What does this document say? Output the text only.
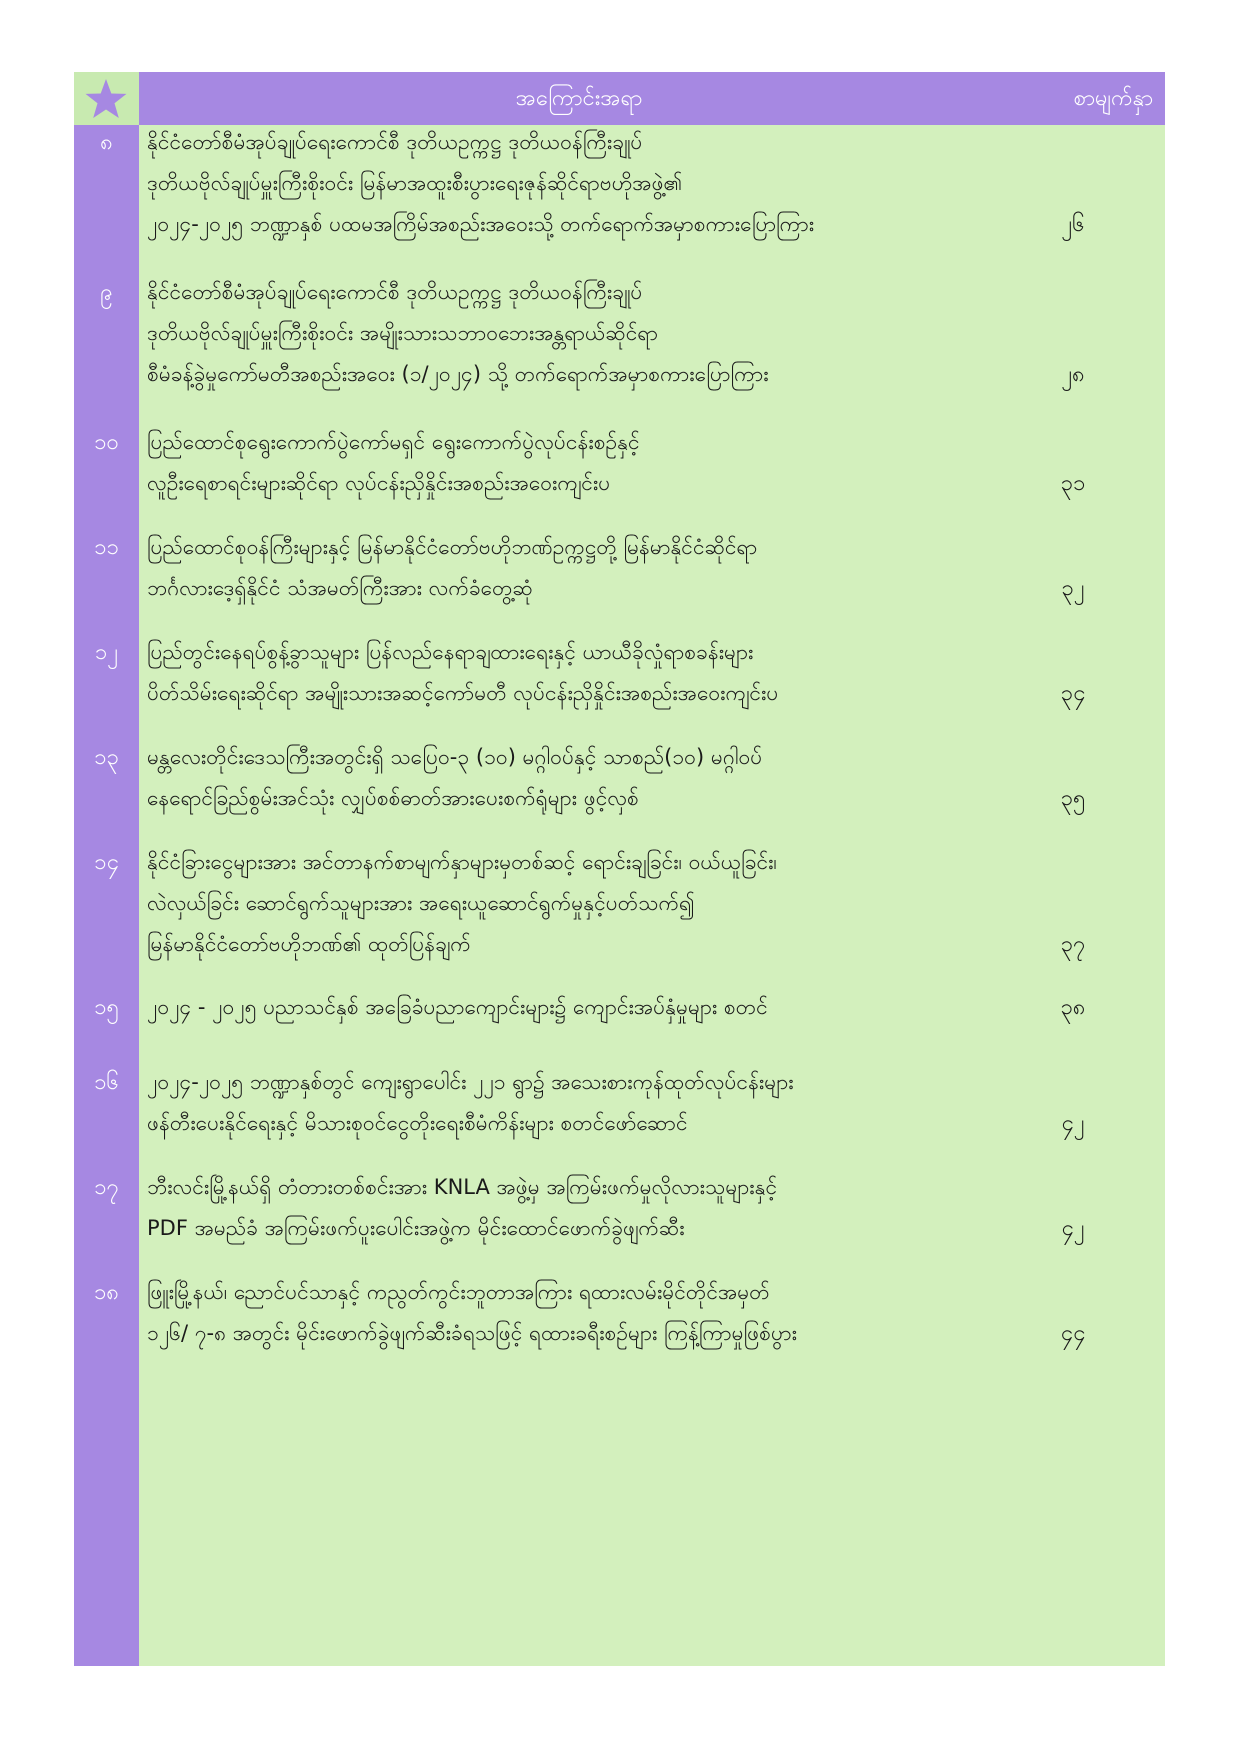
အကြောင်းအရာ	စာမျက်နှာ
၈	နိုင်ငံတော်စီမံအုပ်ချုပ်ရေးကောင်စီ ဒုတိယဥက္ကဋ္ဌ ဒုတိယဝန်ကြီးချုပ်
ဒုတိယဗိုလ်ချုပ်မှူးကြီးစိုးဝင်း မြန်မာအထူးစီးပွားရေးဇုန်ဆိုင်ရာဗဟိုအဖွဲ့၏
၂၀၂၄-၂၀၂၅ ဘဏ္ဍာနှစ် ပထမအကြိမ်အစည်းအဝေးသို့ တက်ရောက်အမှာစကားပြောကြား	၂၆
၉	နိုင်ငံတော်စီမံအုပ်ချုပ်ရေးကောင်စီ ဒုတိယဥက္ကဋ္ဌ ဒုတိယဝန်ကြီးချုပ်
ဒုတိယဗိုလ်ချုပ်မှူးကြီးစိုးဝင်း အမျိုးသားသဘာဝဘေးအန္တရာယ်ဆိုင်ရာ
စီမံခန့်ခွဲမှုကော်မတီအစည်းအဝေး (၁/၂၀၂၄) သို့ တက်ရောက်အမှာစကားပြောကြား	၂၈
၁၀	ပြည်ထောင်စုရွေးကောက်ပွဲကော်မရှင် ရွေးကောက်ပွဲလုပ်ငန်းစဉ်နှင့်
လူဦးရေစာရင်းများဆိုင်ရာ လုပ်ငန်းညှိနှိုင်းအစည်းအဝေးကျင်းပ	၃၁
၁၁	ပြည်ထောင်စုဝန်ကြီးများနှင့် မြန်မာနိုင်ငံတော်ဗဟိုဘဏ်ဥက္ကဋ္ဌတို့ မြန်မာနိုင်ငံဆိုင်ရာ
ဘင်္ဂလားဒေ့ရှ်နိုင်ငံ သံအမတ်ကြီးအား လက်ခံတွေ့ဆုံ	၃၂
၁၂	ပြည်တွင်းနေရပ်စွန့်ခွာသူများ ပြန်လည်နေရာချထားရေးနှင့် ယာယီခိုလှုံရာစခန်းများ
ပိတ်သိမ်းရေးဆိုင်ရာ အမျိုးသားအဆင့်ကော်မတီ လုပ်ငန်းညှိနှိုင်းအစည်းအဝေးကျင်းပ	၃၄
၁၃	မန္တလေးတိုင်းဒေသကြီးအတွင်းရှိ သပြေ၀-၃ (၁၀) မဂ္ဂါဝပ်နှင့် သာစည်(၁၀) မဂ္ဂါဝပ်
နေရောင်ခြည်စွမ်းအင်သုံး လျှပ်စစ်ဓာတ်အားပေးစက်ရုံများ ဖွင့်လှစ်	၃၅
၁၄	နိုင်ငံခြားငွေများအား အင်တာနက်စာမျက်နှာများမှတစ်ဆင့် ရောင်းချခြင်း၊ ဝယ်ယူခြင်း၊
လဲလှယ်ခြင်း ဆောင်ရွက်သူများအား အရေးယူဆောင်ရွက်မှုနှင့်ပတ်သက်၍
မြန်မာနိုင်ငံတော်ဗဟိုဘဏ်၏ ထုတ်ပြန်ချက်	၃၇
၁၅	၂၀၂၄ - ၂၀၂၅ ပညာသင်နှစ် အခြေခံပညာကျောင်းများ၌ ကျောင်းအပ်နှံမှုများ စတင်	၃၈
၁၆	၂၀၂၄-၂၀၂၅ ဘဏ္ဍာနှစ်တွင် ကျေးရွာပေါင်း ၂၂၁ ရွာ၌ အသေးစားကုန်ထုတ်လုပ်ငန်းများ
ဖန်တီးပေးနိုင်ရေးနှင့် မိသားစုဝင်ငွေတိုးရေးစီမံကိန်းများ စတင်ဖော်ဆောင်	၄၂
၁၇	ဘီးလင်းမြို့နယ်ရှိ တံတားတစ်စင်းအား KNLA အဖွဲ့မှ အကြမ်းဖက်မှုလိုလားသူများနှင့်
PDF အမည်ခံ အကြမ်းဖက်ပူးပေါင်းအဖွဲ့က မိုင်းထောင်ဖောက်ခွဲဖျက်ဆီး	၄၂
၁၈	ဖြူးမြို့နယ်၊ ညောင်ပင်သာနှင့် ကညွတ်ကွင်းဘူတာအကြား ရထားလမ်းမိုင်တိုင်အမှတ်
၁၂၆/ ၇-၈ အတွင်း မိုင်းဖောက်ခွဲဖျက်ဆီးခံရသဖြင့် ရထားခရီးစဉ်များ ကြန့်ကြာမှုဖြစ်ပွား	၄၄
